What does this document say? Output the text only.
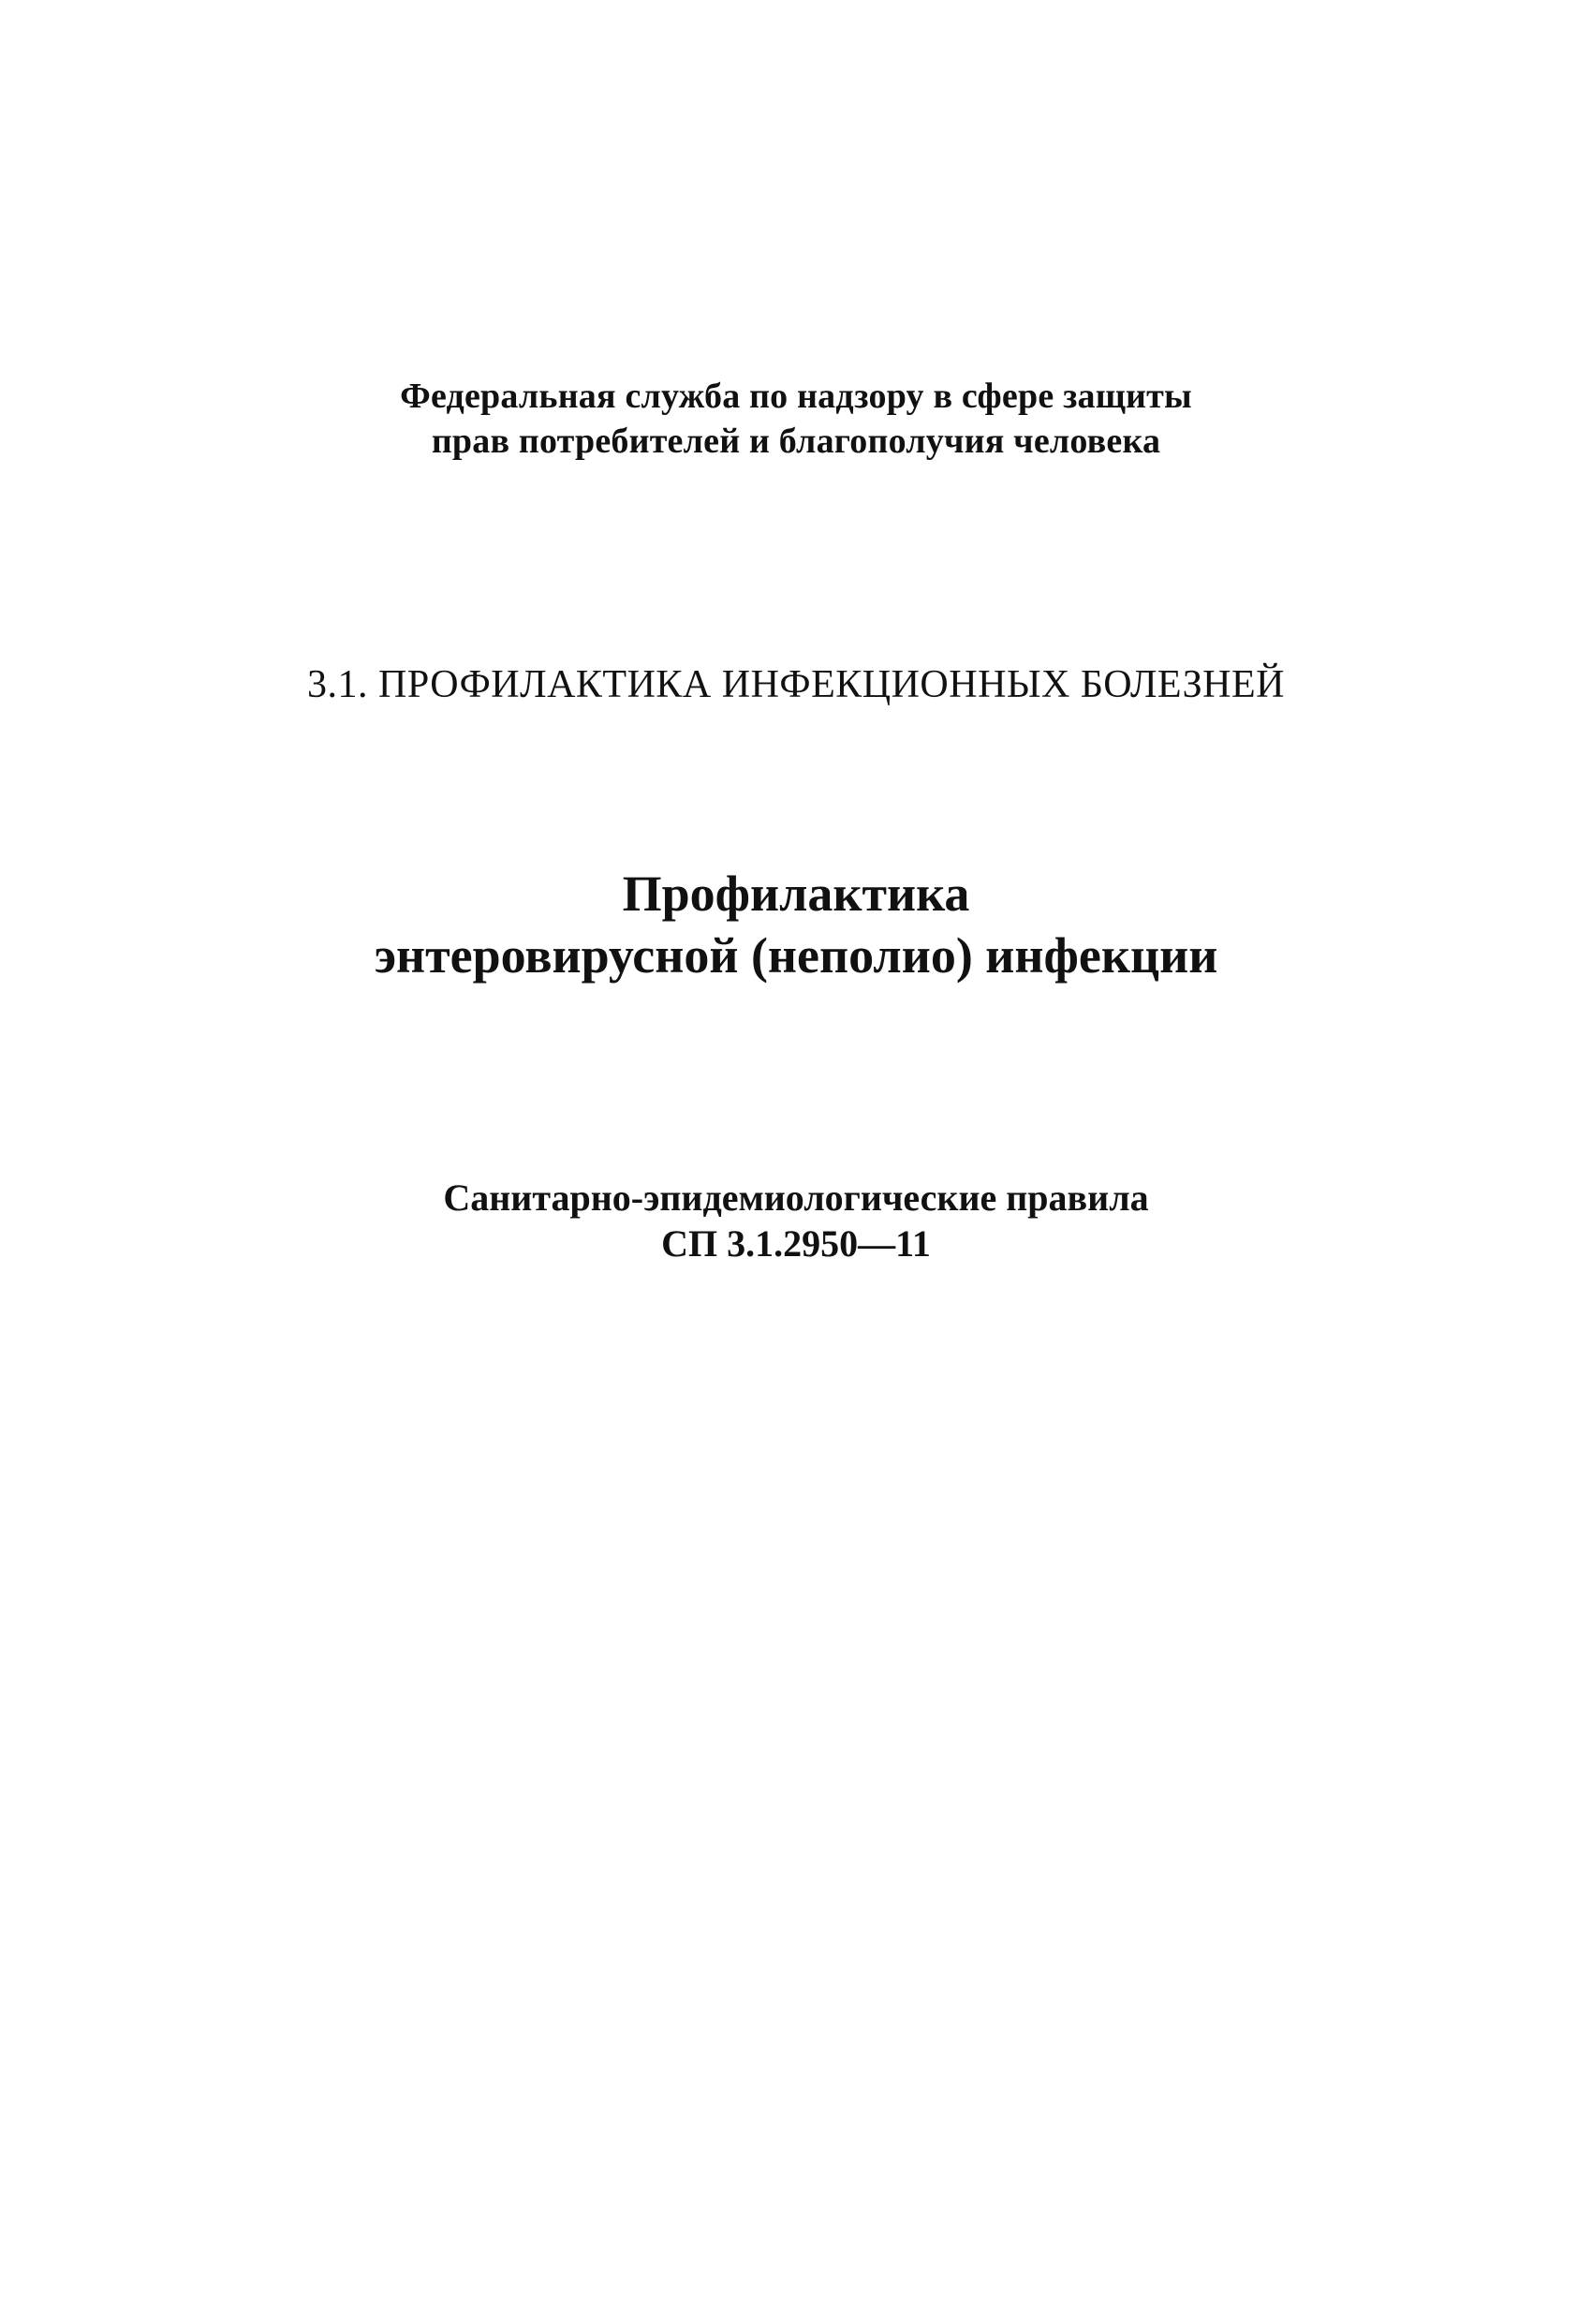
Федеральная служба по надзору в сфере защиты
прав потребителей и благополучия человека
3.1. ПРОФИЛАКТИКА ИНФЕКЦИОННЫХ БОЛЕЗНЕЙ
Профилактика
энтеровирусной (неполио) инфекции
Санитарно-эпидемиологические правила
СП 3.1.2950—11
